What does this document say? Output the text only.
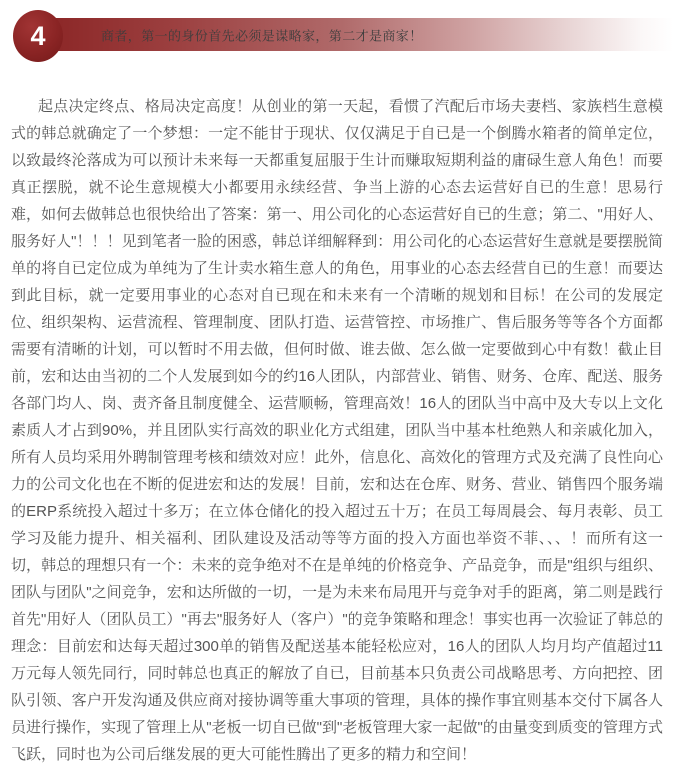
商者，第一的身份首先必须是谋略家，第二才是商家！
4

起点决定终点、格局决定高度！从创业的第一天起，看惯了汽配后市场夫妻档、家族档生意模式的韩总就确定了一个梦想：一定不能甘于现状、仅仅满足于自已是一个倒腾水箱者的简单定位，以致最终沦落成为可以预计未来每一天都重复屈服于生计而赚取短期利益的庸碌生意人角色！而要真正摆脱，就不论生意规模大小都要用永续经营、争当上游的心态去运营好自已的生意！思易行难，如何去做韩总也很快给出了答案：第一、用公司化的心态运营好自已的生意；第二、"用好人、服务好人"！！！见到笔者一脸的困惑，韩总详细解释到：用公司化的心态运营好生意就是要摆脱简单的将自已定位成为单纯为了生计卖水箱生意人的角色，用事业的心态去经营自已的生意！而要达到此目标，就一定要用事业的心态对自已现在和未来有一个清晰的规划和目标！在公司的发展定位、组织架构、运营流程、管理制度、团队打造、运营管控、市场推广、售后服务等等各个方面都需要有清晰的计划，可以暂时不用去做，但何时做、谁去做、怎么做一定要做到心中有数！截止目前，宏和达由当初的二个人发展到如今的约16人团队，内部营业、销售、财务、仓库、配送、服务各部门均人、岗、责齐备且制度健全、运营顺畅，管理高效！16人的团队当中高中及大专以上文化素质人才占到90%，并且团队实行高效的职业化方式组建，团队当中基本杜绝熟人和亲戚化加入，所有人员均采用外聘制管理考核和绩效对应！此外，信息化、高效化的管理方式及充满了良性向心力的公司文化也在不断的促进宏和达的发展！目前，宏和达在仓库、财务、营业、销售四个服务端的ERP系统投入超过十多万；在立体仓储化的投入超过五十万；在员工每周晨会、每月表彰、员工学习及能力提升、相关福利、团队建设及活动等等方面的投入方面也举资不菲、、、！而所有这一切，韩总的理想只有一个：未来的竞争绝对不在是单纯的价格竞争、产品竞争，而是"组织与组织、团队与团队"之间竞争，宏和达所做的一切，一是为未来布局甩开与竞争对手的距离，第二则是践行首先"用好人（团队员工）"再去"服务好人（客户）"的竞争策略和理念！事实也再一次验证了韩总的理念：目前宏和达每天超过300单的销售及配送基本能轻松应对，16人的团队人均月均产值超过11万元每人领先同行，同时韩总也真正的解放了自已，目前基本只负责公司战略思考、方向把控、团队引领、客户开发沟通及供应商对接协调等重大事项的管理，具体的操作事宜则基本交付下属各人员进行操作，实现了管理上从"老板一切自已做"到"老板管理大家一起做"的由量变到质变的管理方式飞跃，同时也为公司后继发展的更大可能性腾出了更多的精力和空间！
